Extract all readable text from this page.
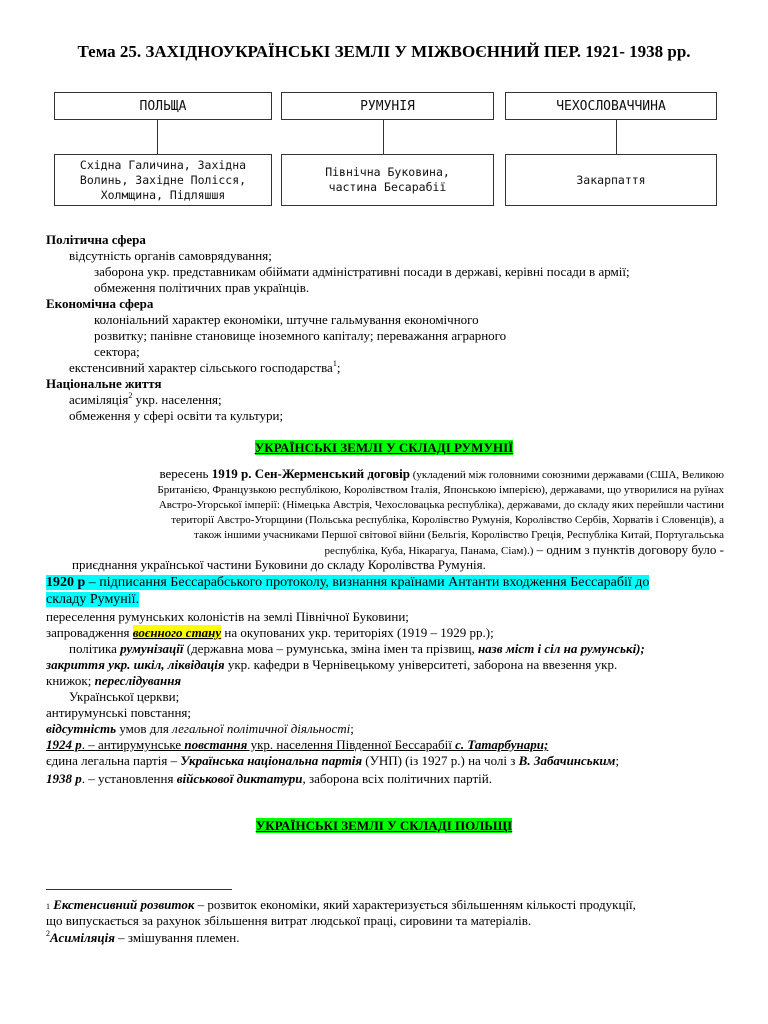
Тема 25. ЗАХІДНОУКРАЇНСЬКІ ЗЕМЛІ У МІЖВОЄННИЙ ПЕР. 1921- 1938 рр.
ПОЛЬЩА	РУМУНІЯ	ЧЕХОСЛОВАЧЧИНА
Східна Галичина, Західна
Волинь, Західне Полісся,
Холмщина, Підляшшя
Північна Буковина,
частина Бесарабії
Закарпаття
Політична сфера
відсутність органів самоврядування;
заборона укр. представникам обіймати адміністративні посади в державі, керівні посади в армії;
обмеження політичних прав українців.
Економічна сфера
колоніальний характер економіки, штучне гальмування економічного
розвитку; панівне становище іноземного капіталу; переважання аграрного
сектора;
екстенсивний характер сільського господарства$^1$;
Національне життя
асиміляція$^2$ укр. населення;
обмеження у сфері освіти та культури;
УКРАЇНСЬКІ ЗЕМЛІ У СКЛАДІ РУМУНІЇ
вересень 1919 р. Сен-Жерменський договір (укладений між головними союзними державами (США, Великою
Британією, Французькою республікою, Королівством Італія, Японською імперією), державами, що утворилися на руїнах
Австро-Угорської імперії: (Німецька Австрія, Чехословацька республіка), державами, до складу яких перейшли частини
території Австро-Угорщини (Польська республіка, Королівство Румунія, Королівство Сербів, Хорватів і Словенців), а
також іншими учасниками Першої світової війни (Бельгія, Королівство Греція, Республіка Китай, Португальська
республіка, Куба, Нікарагуа, Панама, Сіам).) – одним з пунктів договору було -
приєднання української частини Буковини до складу Королівства Румунія.
1920 р – підписання Бессарабського протоколу, визнання країнами Антанти входження Бессарабії до
складу Румунії.
переселення румунських колоністів на землі Північної Буковини;
запровадження воєнного стану на окупованих укр. територіях (1919 – 1929 рр.);
політика румунізації (державна мова – румунська, зміна імен та прізвищ, назв міст і сіл на румунські);
закриття укр. шкіл, ліквідація укр. кафедри в Чернівецькому університеті, заборона на ввезення укр.
книжок; переслідування
Української церкви;
антирумунські повстання;
відсутність умов для легальної політичної діяльності;
1924 р. – антирумунське повстання укр. населення Південної Бессарабії с. Татарбунари;
єдина легальна партія – Українська національна партія (УНП) (із 1927 р.) на чолі з В. Забачинським;
1938 р. – установлення військової диктатури, заборона всіх політичних партій.
УКРАЇНСЬКІ ЗЕМЛІ У СКЛАДІ ПОЛЬЩІ
1 Екстенсивний розвиток – розвиток економіки, який характеризується збільшенням кількості продукції,
що випускається за рахунок збільшення витрат людської праці, сировини та матеріалів.
$^2$Асиміляція – змішування племен.
